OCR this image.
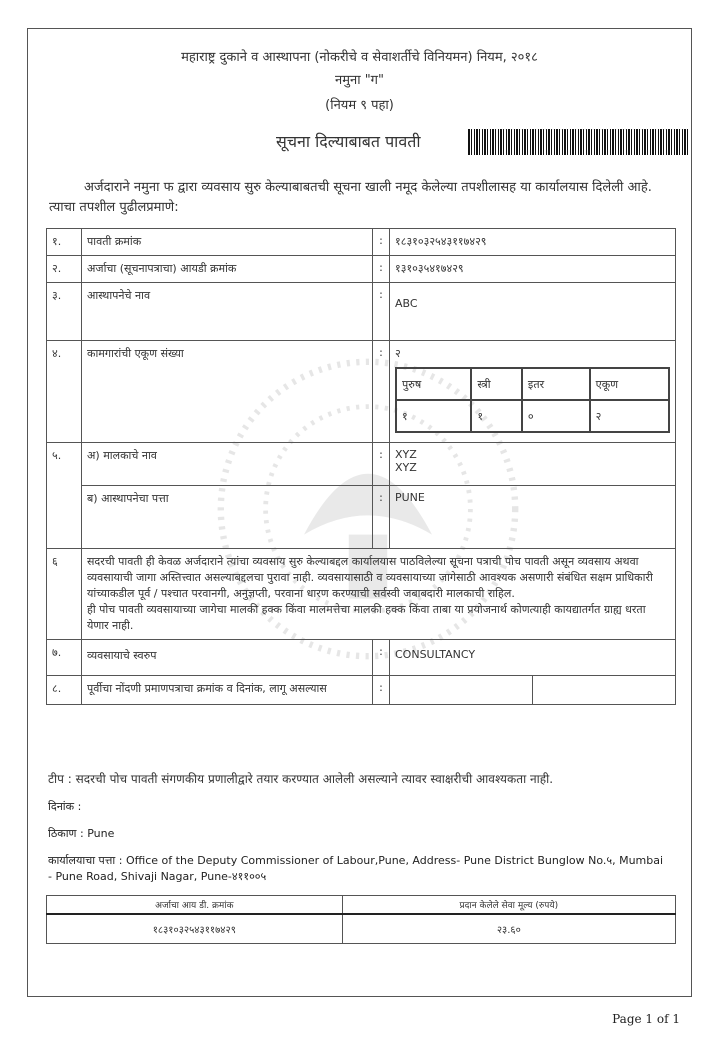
महाराष्ट्र दुकाने व आस्थापना (नोकरीचे व सेवाशर्तीचे विनियमन) नियम, २०१८
नमुना "ग"
(नियम ९ पहा)
सूचना दिल्याबाबत पावती
अर्जदाराने नमुना फ द्वारा व्यवसाय सुरु केल्याबाबतची सूचना खाली नमूद केलेल्या तपशीलासह या कार्यालयास दिलेली आहे. त्याचा तपशील पुढीलप्रमाणे:
१.	पावती क्रमांक	:	१८३१०३२५४३११७४२९
२.	अर्जाचा (सूचनापत्राचा) आयडी क्रमांक	:	१३१०३५४१७४२९
३.	आस्थापनेचे नाव	:	ABC
४.	कामगारांची एकूण संख्या	:	२
पुरुष	स्त्री	इतर	एकूण
१	१	०	२

५.	अ) मालकाचे नाव	:	XYZ
XYZ

ब) आस्थापनेचा पत्ता	:	PUNE
६	सदरची पावती ही केवळ अर्जदाराने त्यांचा व्यवसाय सुरु केल्याबद्दल कार्यालयास पाठविलेल्या सूचना पत्राची पोच पावती असून व्यवसाय अथवा व्यवसायाची जागा अस्तित्त्वात असल्याबद्दलचा पुरावा नाही. व्यवसायासाठी व व्यवसायाच्या जागेसाठी आवश्यक असणारी संबंधित सक्षम प्राधिकारी यांच्याकडील पूर्व / पश्चात परवानगी, अनुज्ञप्ती, परवाना धारण करण्याची सर्वस्वी जबाबदारी मालकाची राहिल.
ही पोच पावती व्यवसायाच्या जागेचा मालकी हक्क किंवा मालमत्तेचा मालकी हक्क किंवा ताबा या प्रयोजनार्थ कोणत्याही कायद्यातर्गत ग्राह्य धरता येणार नाही.

७.	व्यवसायाचे स्वरुप	:	CONSULTANCY
८.	पूर्वीचा नोंदणी प्रमाणपत्राचा क्रमांक व दिनांक, लागू असल्यास	:	

टीप : सदरची पोच पावती संगणकीय प्रणालीद्वारे तयार करण्यात आलेली असल्याने त्यावर स्वाक्षरीची आवश्यकता नाही.
दिनांक :
ठिकाण : Pune
कार्यालयाचा पत्ता : Office of the Deputy Commissioner of Labour,Pune, Address- Pune District Bunglow No.५, Mumbai - Pune Road, Shivaji Nagar, Pune-४११००५
अर्जाचा आय डी. क्रमांक	प्रदान केलेले सेवा मूल्य (रुपये)
१८३१०३२५४३११७४२९	२३.६०
Page 1 of 1
